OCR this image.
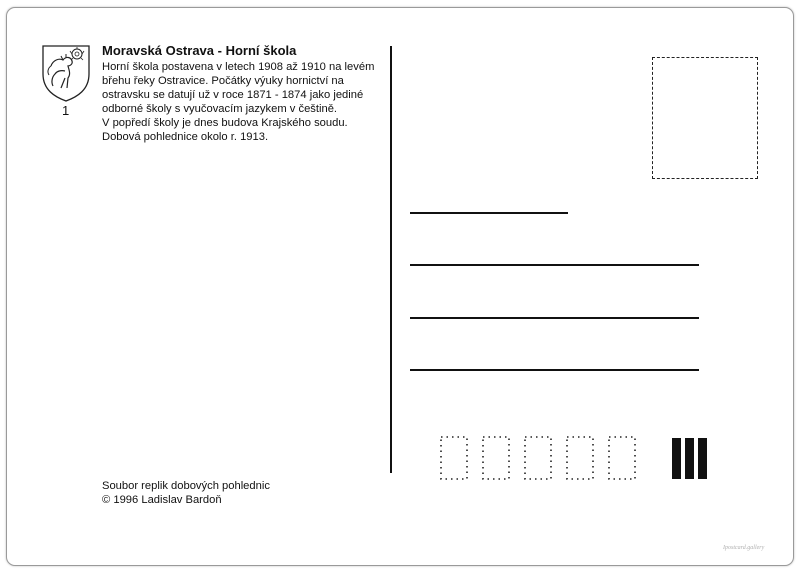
1
Moravská Ostrava - Horní škola
Horní škola postavena v letech 1908 až 1910 na levém
břehu řeky Ostravice. Počátky výuky hornictví na
ostravsku se datují už v roce 1871 - 1874 jako jediné
odborné školy s vyučovacím jazykem v češtině.
V popředí školy je dnes budova Krajského soudu.
Dobová pohlednice okolo r. 1913.
Soubor replik dobových pohlednic
© 1996 Ladislav Bardoň
Ipostcard.gallery
